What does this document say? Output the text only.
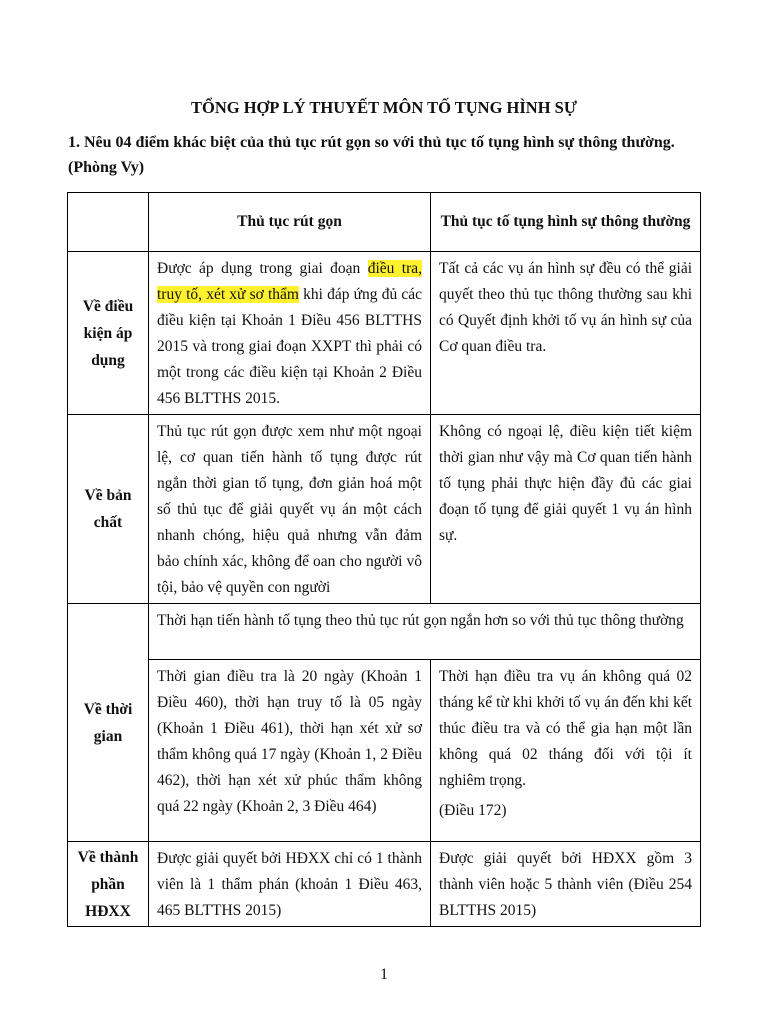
TỔNG HỢP LÝ THUYẾT MÔN TỐ TỤNG HÌNH SỰ
1. Nêu 04 điểm khác biệt của thủ tục rút gọn so với thủ tục tố tụng hình sự thông thường. (Phòng Vy)
	Thủ tục rút gọn	Thủ tục tố tụng hình sự thông thường
Về điều kiện áp dụng	Được áp dụng trong giai đoạn điều tra, truy tố, xét xử sơ thẩm khi đáp ứng đủ các điều kiện tại Khoản 1 Điều 456 BLTTHS 2015 và trong giai đoạn XXPT thì phải có một trong các điều kiện tại Khoản 2 Điều 456 BLTTHS 2015.	Tất cả các vụ án hình sự đều có thể giải quyết theo thủ tục thông thường sau khi có Quyết định khởi tố vụ án hình sự của Cơ quan điều tra.
Về bản chất	Thủ tục rút gọn được xem như một ngoại lệ, cơ quan tiến hành tố tụng được rút ngắn thời gian tố tụng, đơn giản hoá một số thủ tục để giải quyết vụ án một cách nhanh chóng, hiệu quả nhưng vẫn đảm bảo chính xác, không để oan cho người vô tội, bảo vệ quyền con người	Không có ngoại lệ, điều kiện tiết kiệm thời gian như vậy mà Cơ quan tiến hành tố tụng phải thực hiện đầy đủ các giai đoạn tố tụng để giải quyết 1 vụ án hình sự.
Về thời gian	Thời hạn tiến hành tố tụng theo thủ tục rút gọn ngắn hơn so với thủ tục thông thường	
	Thời gian điều tra là 20 ngày (Khoản 1 Điều 460), thời hạn truy tố là 05 ngày (Khoản 1 Điều 461), thời hạn xét xử sơ thẩm không quá 17 ngày (Khoản 1, 2 Điều 462), thời hạn xét xử phúc thẩm không quá 22 ngày (Khoản 2, 3 Điều 464)	Thời hạn điều tra vụ án không quá 02 tháng kể từ khi khởi tố vụ án đến khi kết thúc điều tra và có thể gia hạn một lần không quá 02 tháng đối với tội ít nghiêm trọng.
(Điều 172)

Về thành phần HĐXX	Được giải quyết bởi HĐXX chỉ có 1 thành viên là 1 thẩm phán (khoản 1 Điều 463, 465 BLTTHS 2015)	Được giải quyết bởi HĐXX gồm 3 thành viên hoặc 5 thành viên (Điều 254 BLTTHS 2015)
1
